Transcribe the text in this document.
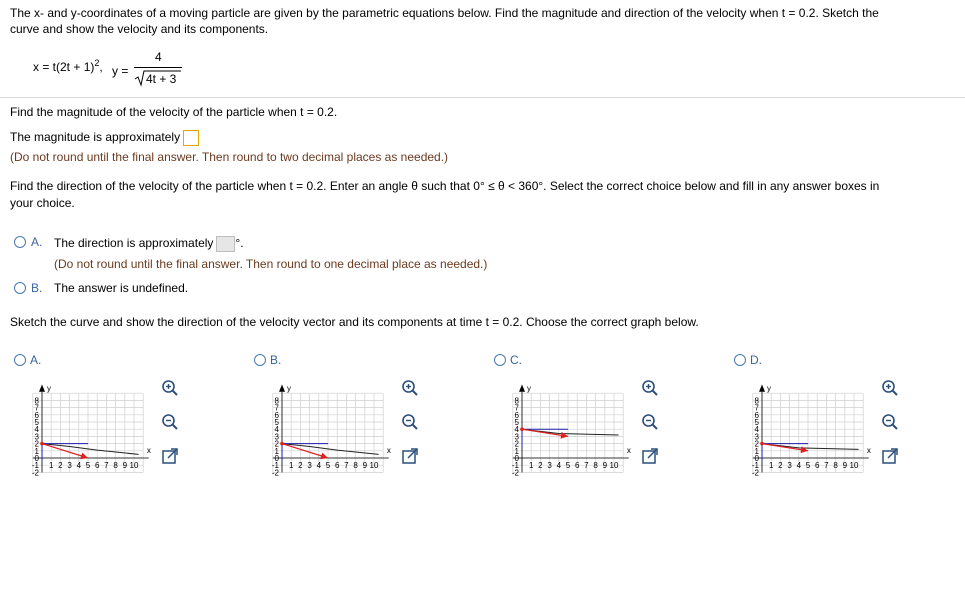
The x- and y-coordinates of a moving particle are given by the parametric equations below. Find the magnitude and direction of the velocity when t = 0.2. Sketch the
curve and show the velocity and its components.
$x = t(2t + 1)^2$, y =
4
4t + 3
Find the magnitude of the velocity of the particle when t = 0.2.
The magnitude is approximately
(Do not round until the final answer. Then round to two decimal places as needed.)
Find the direction of the velocity of the particle when t = 0.2. Enter an angle θ such that 0° ≤ θ < 360°. Select the correct choice below and fill in any answer boxes in
your choice.
A. The direction is approximately °.
(Do not round until the final answer. Then round to one decimal place as needed.)
B. The answer is undefined.
Sketch the curve and show the direction of the velocity vector and its components at time t = 0.2. Choose the correct graph below.
A.
8
7
6
5
4
3
2
1
0
-1
-2
1 2 3 4 5 6 7 8 9 10
y
x
B.
8
7
6
5
4
3
2
1
0
-1
-2
1 2 3 4 5 6 7 8 9 10
y
x
C.
8
7
6
5
4
3
2
1
0
-1
-2
1 2 3 4 5 6 7 8 9 10
y
x
D.
8
7
6
5
4
3
2
1
0
-1
-2
1 2 3 4 5 6 7 8 9 10
y
x
